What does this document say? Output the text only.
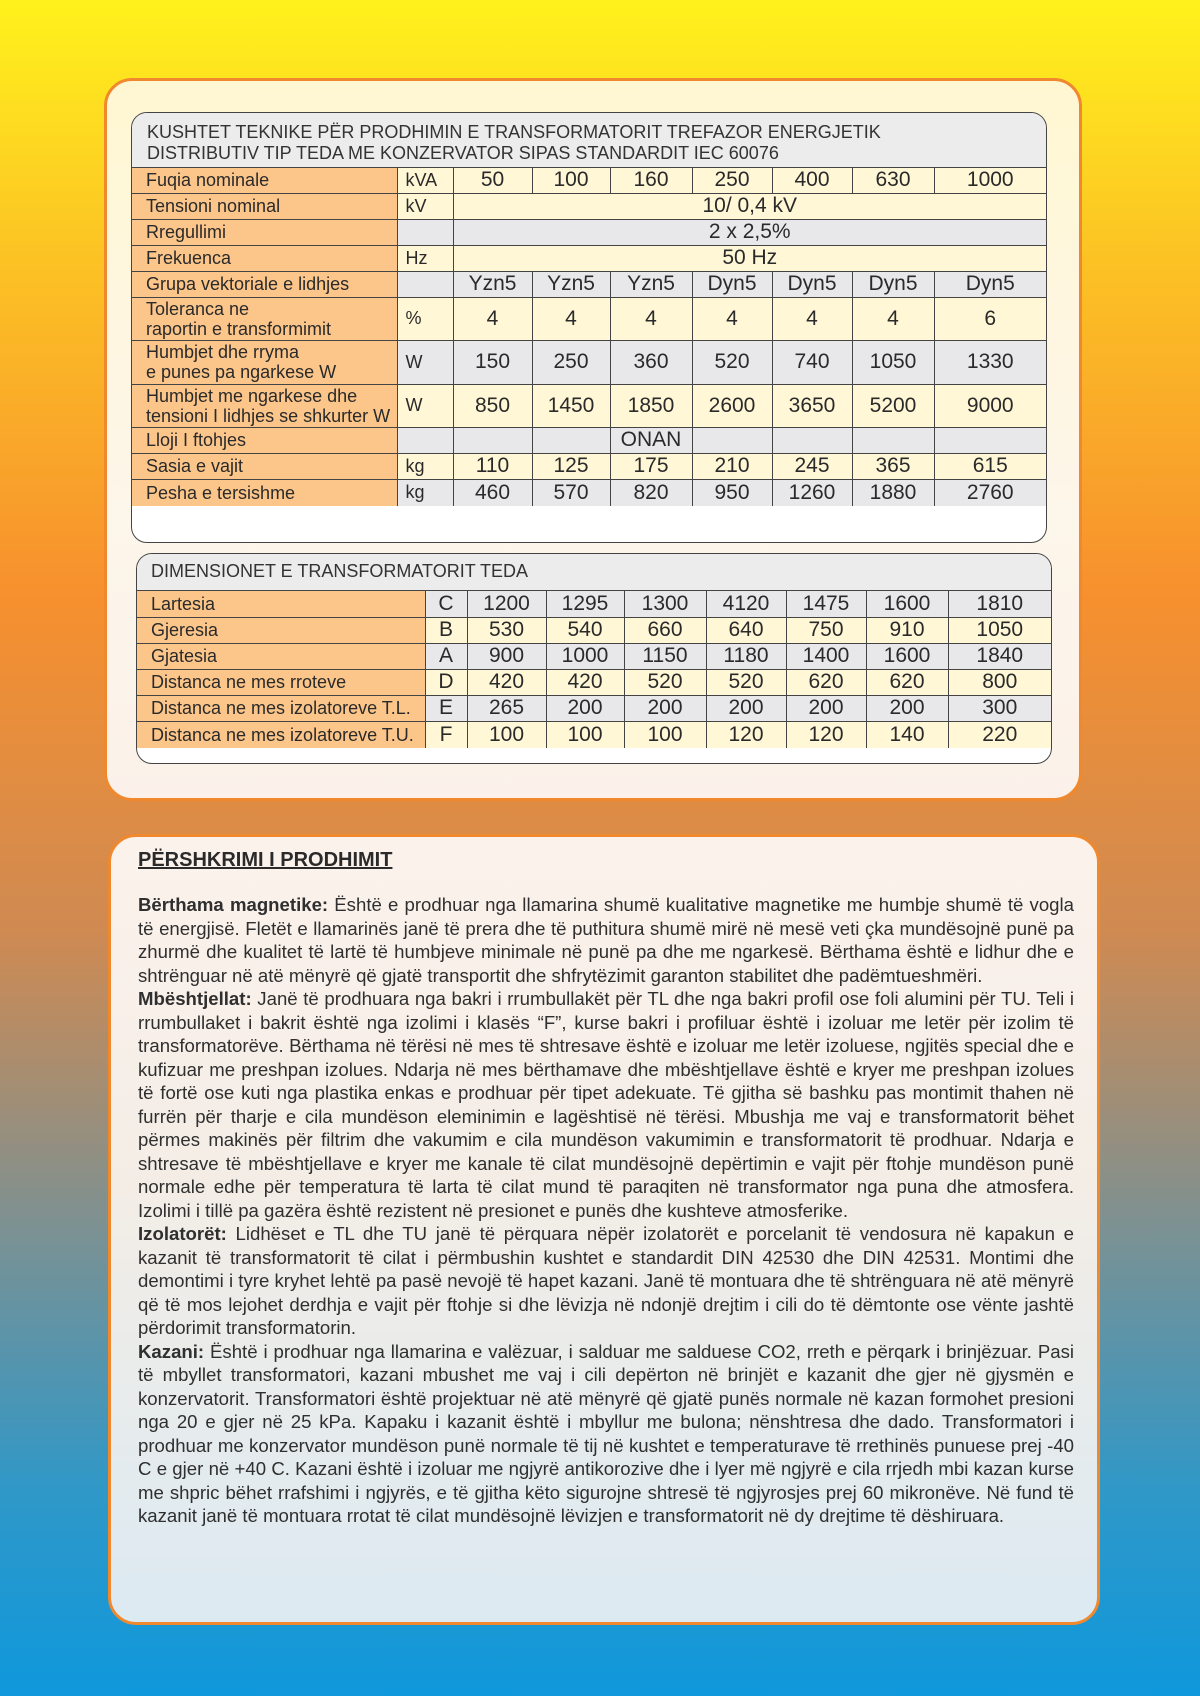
KUSHTET TEKNIKE PËR PRODHIMIN E TRANSFORMATORIT TREFAZOR ENERGJETIK
DISTRIBUTIV TIP TEDA ME KONZERVATOR SIPAS STANDARDIT IEC 60076
Fuqia nominale	kVA	50	100	160	250	400	630	1000
Tensioni nominal	kV	10/ 0,4 kV						
Rregullimi		2 x 2,5%						
Frekuenca	Hz	50 Hz						
Grupa vektoriale e lidhjes		Yzn5	Yzn5	Yzn5	Dyn5	Dyn5	Dyn5	Dyn5

Toleranca ne
raportin e transformimit	%	4	4	4	4	4	4	6

Humbjet dhe rryma
e punes pa ngarkese W	W	150	250	360	520	740	1050	1330

Humbjet me ngarkese dhe
tensioni I lidhjes se shkurter W	W	850	1450	1850	2600	3650	5200	9000
Lloji I ftohjes				ONAN				
Sasia e vajit	kg	110	125	175	210	245	365	615
Pesha e tersishme	kg	460	570	820	950	1260	1880	2760
DIMENSIONET E TRANSFORMATORIT TEDA
Lartesia	C	1200	1295	1300	4120	1475	1600	1810
Gjeresia	B	530	540	660	640	750	910	1050
Gjatesia	A	900	1000	1150	1180	1400	1600	1840
Distanca ne mes rroteve	D	420	420	520	520	620	620	800
Distanca ne mes izolatoreve T.L.	E	265	200	200	200	200	200	300
Distanca ne mes izolatoreve T.U.	F	100	100	100	120	120	140	220
PËRSHKRIMI I PRODHIMIT

Bërthama magnetike: Është e prodhuar nga llamarina shumë kualitative magnetike me humbje shumë të vogla të energjisë. Fletët e llamarinës janë të prera dhe të puthitura shumë mirë në mesë veti çka mundësojnë punë pa zhurmë dhe kualitet të lartë të humbjeve minimale në punë pa dhe me ngarkesë. Bërthama është e lidhur dhe e shtrënguar në atë mënyrë që gjatë transportit dhe shfrytëzimit garanton stabilitet dhe padëmtueshmëri.

Mbështjellat: Janë të prodhuara nga bakri i rrumbullakët për TL dhe nga bakri profil ose foli alumini për TU. Teli i rrumbullaket i bakrit është nga izolimi i klasës “F”, kurse bakri i profiluar është i izoluar me letër për izolim të transformatorëve. Bërthama në tërësi në mes të shtresave është e izoluar me letër izoluese, ngjitës special dhe e kufizuar me preshpan izolues. Ndarja në mes bërthamave dhe mbështjellave është e kryer me preshpan izolues të fortë ose kuti nga plastika enkas e prodhuar për tipet adekuate. Të gjitha së bashku pas montimit thahen në furrën për tharje e cila mundëson eleminimin e lagështisë në tërësi. Mbushja me vaj e transformatorit bëhet përmes makinës për filtrim dhe vakumim e cila mundëson vakumimin e transformatorit të prodhuar. Ndarja e shtresave të mbështjellave e kryer me kanale të cilat mundësojnë depërtimin e vajit për ftohje mundëson punë normale edhe për temperatura të larta të cilat mund të paraqiten në transformator nga puna dhe atmosfera. Izolimi i tillë pa gazëra është rezistent në presionet e punës dhe kushteve atmosferike.

Izolatorët: Lidhëset e TL dhe TU janë të përquara nëpër izolatorët e porcelanit të vendosura në kapakun e kazanit të transformatorit të cilat i përmbushin kushtet e standardit DIN 42530 dhe DIN 42531. Montimi dhe demontimi i tyre kryhet lehtë pa pasë nevojë të hapet kazani. Janë të montuara dhe të shtrënguara në atë mënyrë që të mos lejohet derdhja e vajit për ftohje si dhe lëvizja në ndonjë drejtim i cili do të dëmtonte ose vënte jashtë përdorimit transformatorin.

Kazani: Është i prodhuar nga llamarina e valëzuar, i salduar me salduese CO2, rreth e përqark i brinjëzuar. Pasi të mbyllet transformatori, kazani mbushet me vaj i cili depërton në brinjët e kazanit dhe gjer në gjysmën e konzervatorit. Transformatori është projektuar në atë mënyrë që gjatë punës normale në kazan formohet presioni nga 20 e gjer në 25 kPa. Kapaku i kazanit është i mbyllur me bulona; nënshtresa dhe dado. Transformatori i prodhuar me konzervator mundëson punë normale të tij në kushtet e temperaturave të rrethinës punuese prej -40 C e gjer në +40 C. Kazani është i izoluar me ngjyrë antikorozive dhe i lyer më ngjyrë e cila rrjedh mbi kazan kurse me shpric bëhet rrafshimi i ngjyrës, e të gjitha këto sigurojne shtresë të ngjyrosjes prej 60 mikronëve. Në fund të kazanit janë të montuara rrotat të cilat mundësojnë lëvizjen e transformatorit në dy drejtime të dëshiruara.
